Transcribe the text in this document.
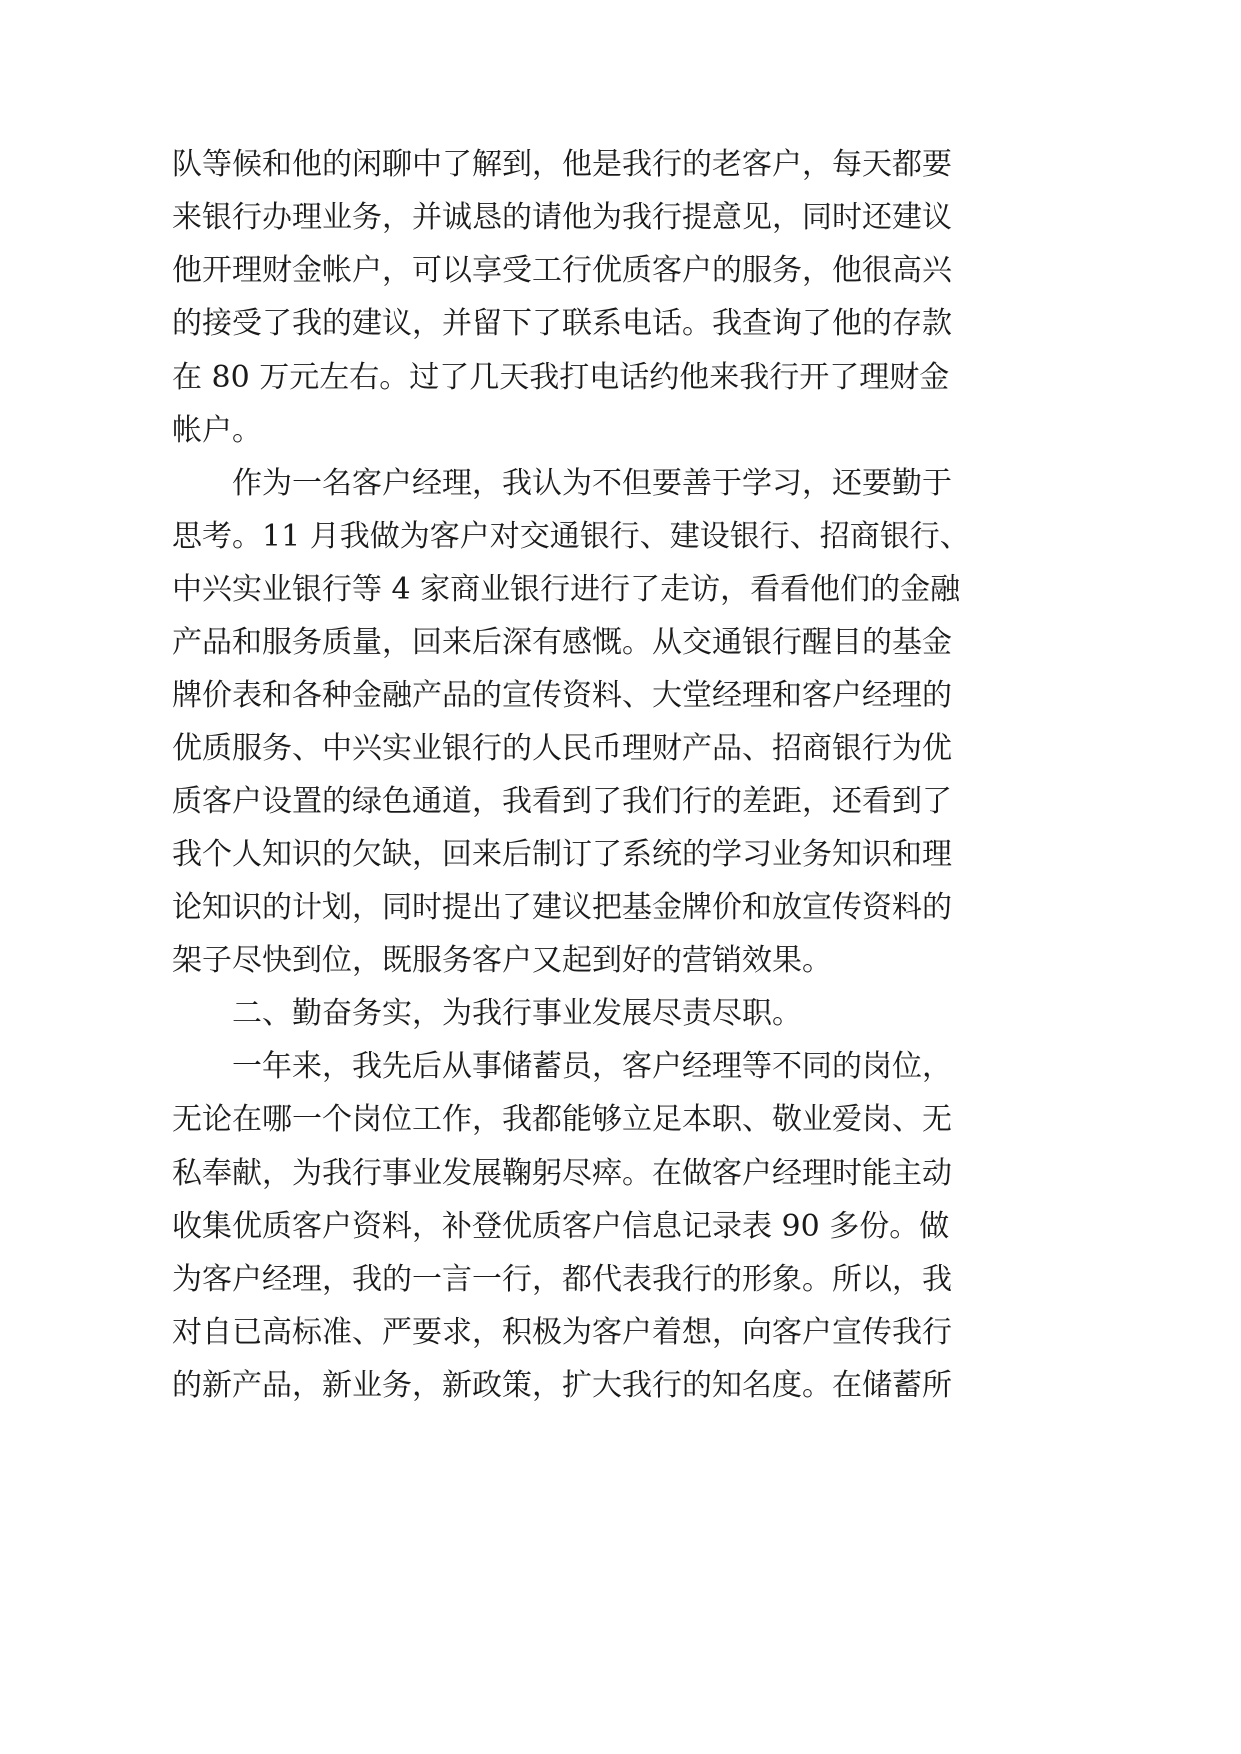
队等候和他的闲聊中了解到，他是我行的老客户，每天都要
来银行办理业务，并诚恳的请他为我行提意见，同时还建议
他开理财金帐户，可以享受工行优质客户的服务，他很高兴
的接受了我的建议，并留下了联系电话。我查询了他的存款
在 80 万元左右。过了几天我打电话约他来我行开了理财金
帐户。
作为一名客户经理，我认为不但要善于学习，还要勤于
思考。11 月我做为客户对交通银行、建设银行、招商银行、
中兴实业银行等 4 家商业银行进行了走访，看看他们的金融
产品和服务质量，回来后深有感慨。从交通银行醒目的基金
牌价表和各种金融产品的宣传资料、大堂经理和客户经理的
优质服务、中兴实业银行的人民币理财产品、招商银行为优
质客户设置的绿色通道，我看到了我们行的差距，还看到了
我个人知识的欠缺，回来后制订了系统的学习业务知识和理
论知识的计划，同时提出了建议把基金牌价和放宣传资料的
架子尽快到位，既服务客户又起到好的营销效果。
二、勤奋务实，为我行事业发展尽责尽职。
一年来，我先后从事储蓄员，客户经理等不同的岗位，
无论在哪一个岗位工作，我都能够立足本职、敬业爱岗、无
私奉献，为我行事业发展鞠躬尽瘁。在做客户经理时能主动
收集优质客户资料，补登优质客户信息记录表 90 多份。做
为客户经理，我的一言一行，都代表我行的形象。所以，我
对自已高标准、严要求，积极为客户着想，向客户宣传我行
的新产品，新业务，新政策，扩大我行的知名度。在储蓄所
